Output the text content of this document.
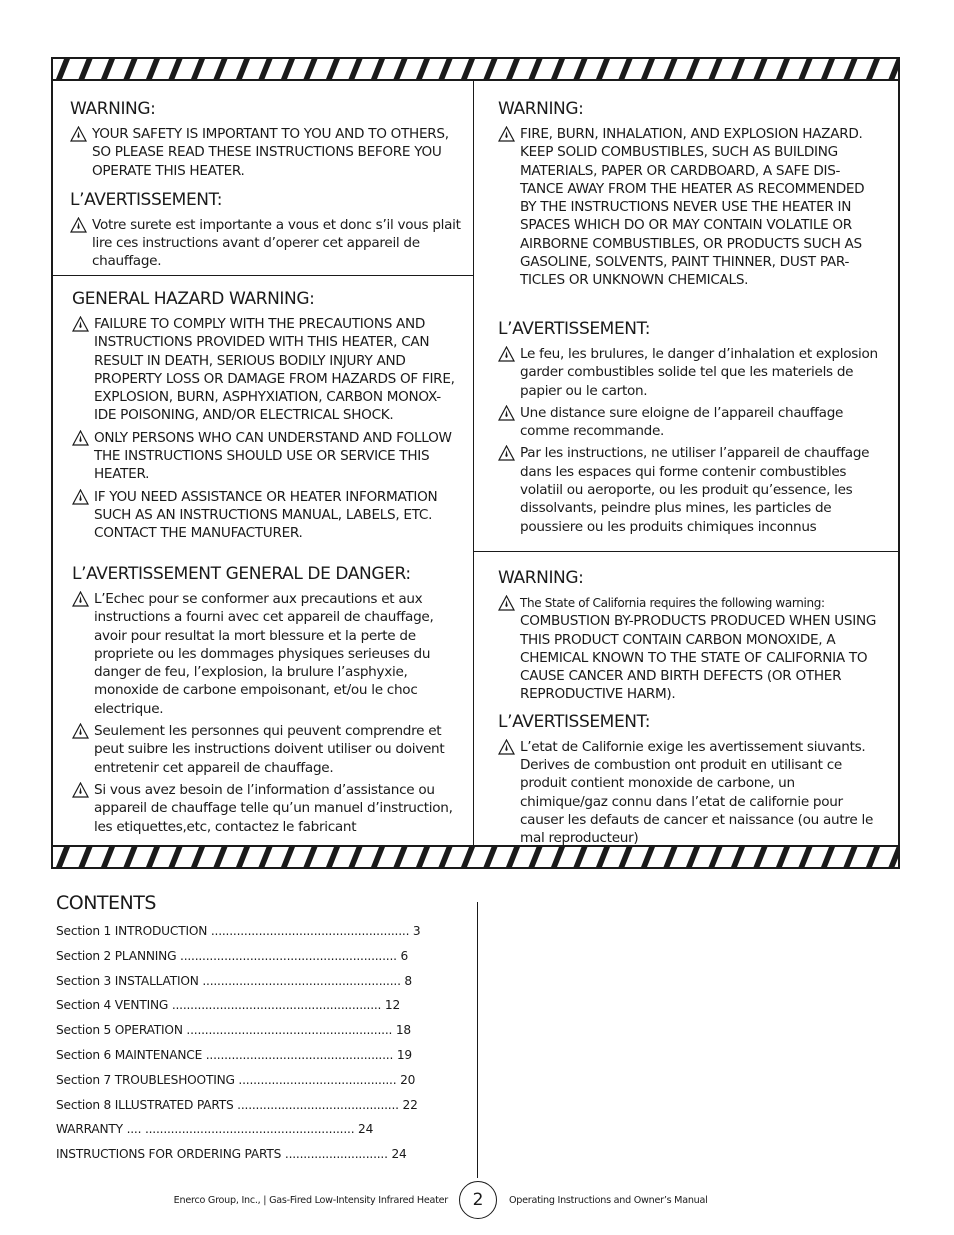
WARNING:
YOUR SAFETY IS IMPORTANT TO YOU AND TO OTHERS, SO PLEASE READ THESE INSTRUCTIONS BEFORE YOU OPERATE THIS HEATER.
L’AVERTISSEMENT:
Votre surete est importante a vous et donc s’il vous plait lire ces instructions avant d’operer cet appareil de chauffage.
GENERAL HAZARD WARNING:
FAILURE TO COMPLY WITH THE PRECAUTIONS AND INSTRUCTIONS PROVIDED WITH THIS HEATER, CAN RESULT IN DEATH, SERIOUS BODILY INJURY AND PROPERTY LOSS OR DAMAGE FROM HAZARDS OF FIRE, EXPLOSION, BURN, ASPHYXIATION, CARBON MONOX-IDE POISONING, AND/OR ELECTRICAL SHOCK.
ONLY PERSONS WHO CAN UNDERSTAND AND FOLLOW THE INSTRUCTIONS SHOULD USE OR SERVICE THIS HEATER.
IF YOU NEED ASSISTANCE OR HEATER INFORMATION SUCH AS AN INSTRUCTIONS MANUAL, LABELS, ETC. CONTACT THE MANUFACTURER.
L’AVERTISSEMENT GENERAL DE DANGER:
L’Echec pour se conformer aux precautions et aux instructions a fourni avec cet appareil de chauffage, avoir pour resultat la mort blessure et la perte de propriete ou les dommages physiques serieuses du danger de feu, l’explosion, la brulure l’asphyxie, monoxide de carbone empoisonant, et/ou le choc electrique.
Seulement les personnes qui peuvent comprendre et peut suibre les instructions doivent utiliser ou doivent entretenir cet appareil de chauffage.
Si vous avez besoin de l’information d’assistance ou appareil de chauffage telle qu’un manuel d’instruction, les etiquettes,etc, contactez le fabricant
WARNING:
FIRE, BURN, INHALATION, AND EXPLOSION HAZARD. KEEP SOLID COMBUSTIBLES, SUCH AS BUILDING MATERIALS, PAPER OR CARDBOARD, A SAFE DIS-TANCE AWAY FROM THE HEATER AS RECOMMENDED BY THE INSTRUCTIONS NEVER USE THE HEATER IN SPACES WHICH DO OR MAY CONTAIN VOLATILE OR AIRBORNE COMBUSTIBLES, OR PRODUCTS SUCH AS GASOLINE, SOLVENTS, PAINT THINNER, DUST PAR-TICLES OR UNKNOWN CHEMICALS.
L’AVERTISSEMENT:
Le feu, les brulures, le danger d’inhalation et explosion garder combustibles solide tel que les materiels de papier ou le carton.
Une distance sure eloigne de l’appareil chauffage comme recommande.
Par les instructions, ne utiliser l’appareil de chauffage dans les espaces qui forme contenir combustibles volatiil ou aeroporte, ou les produit qu’essence, les dissolvants, peindre plus mines, les particles de poussiere ou les produits chimiques inconnus
WARNING:
The State of California requires the following warning:
COMBUSTION BY-PRODUCTS PRODUCED WHEN USING THIS PRODUCT CONTAIN CARBON MONOXIDE, A CHEMICAL KNOWN TO THE STATE OF CALIFORNIA TO CAUSE CANCER AND BIRTH DEFECTS (OR OTHER REPRODUCTIVE HARM).
L’AVERTISSEMENT:
L’etat de Californie exige les avertissement siuvants. Derives de combustion ont produit en utilisant ce produit contient monoxide de carbone, un chimique/gaz connu dans l’etat de californie pour causer les defauts de cancer et naissance (ou autre le mal reproducteur)
CONTENTS
Section 1 INTRODUCTION ...................................................... 3
Section 2 PLANNING ........................................................... 6
Section 3 INSTALLATION ...................................................... 8
Section 4 VENTING ......................................................... 12
Section 5 OPERATION ........................................................ 18
Section 6 MAINTENANCE ................................................... 19
Section 7 TROUBLESHOOTING ........................................... 20
Section 8 ILLUSTRATED PARTS ............................................ 22
WARRANTY .... ......................................................... 24
INSTRUCTIONS FOR ORDERING PARTS ............................ 24
Enerco Group, Inc., | Gas-Fired Low-Intensity Infrared Heater	2	Operating Instructions and Owner’s Manual
